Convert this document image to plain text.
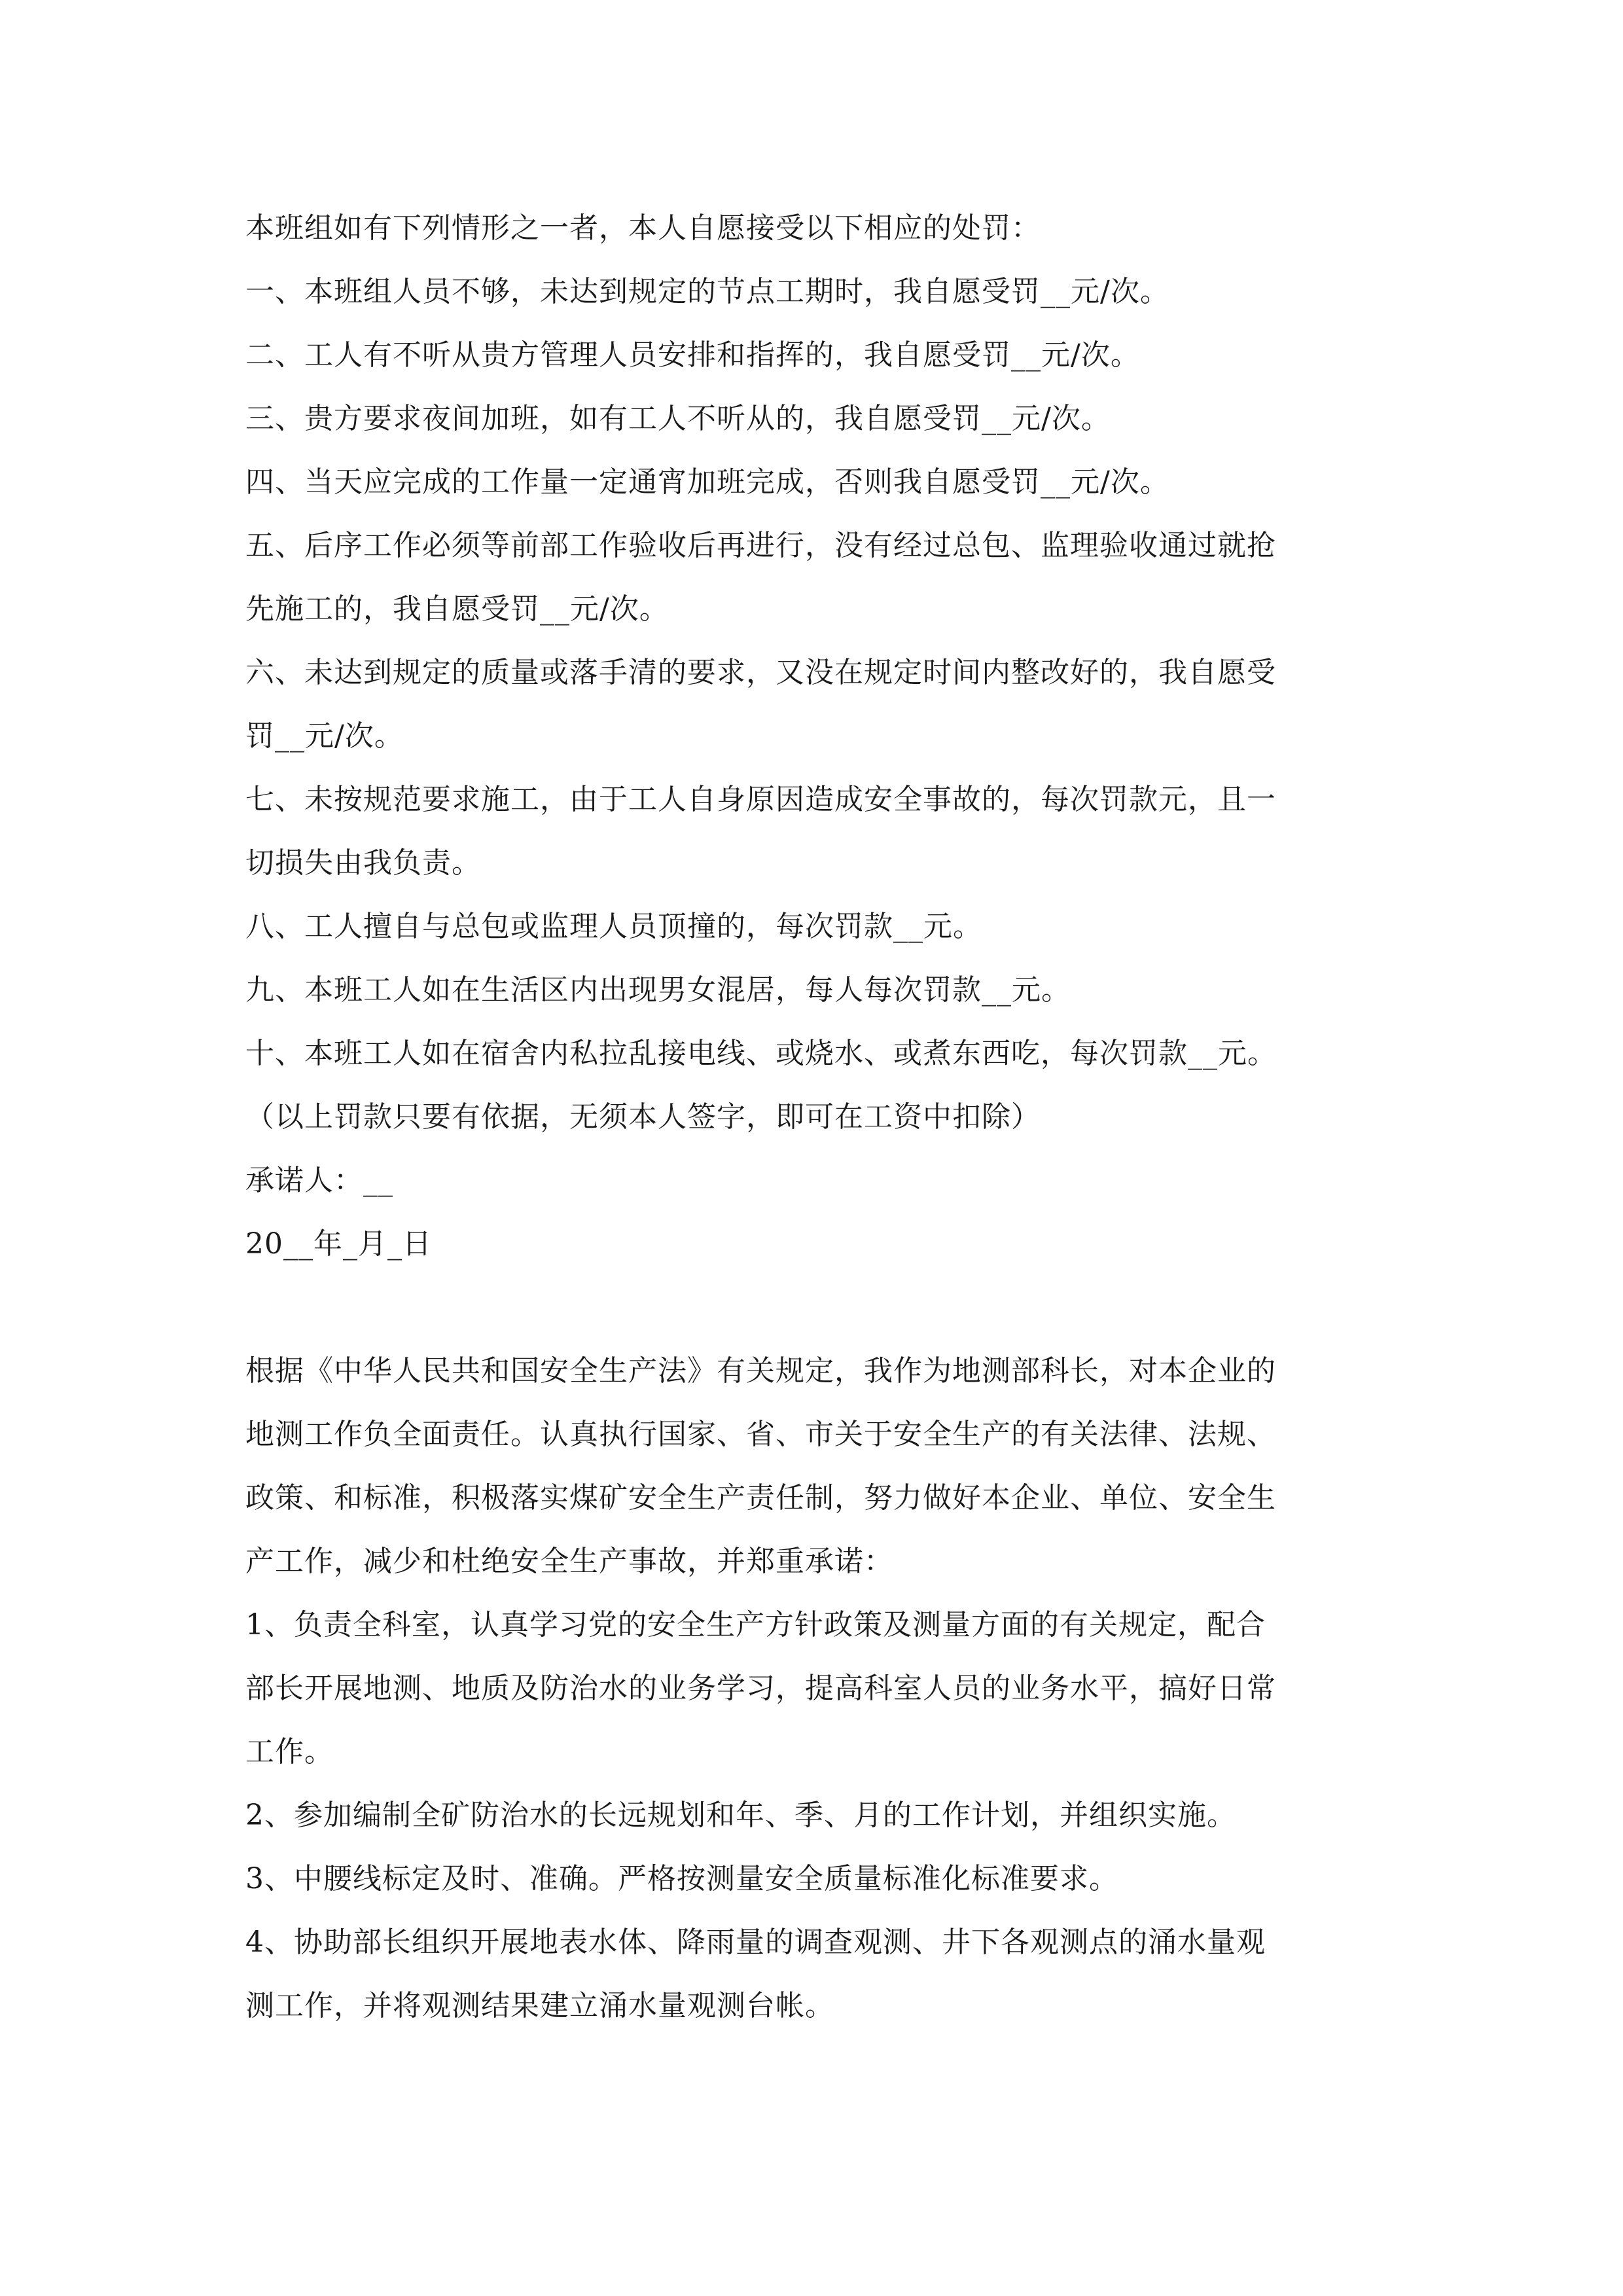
本班组如有下列情形之一者，本人自愿接受以下相应的处罚：
一、本班组人员不够，未达到规定的节点工期时，我自愿受罚__元/次。
二、工人有不听从贵方管理人员安排和指挥的，我自愿受罚__元/次。
三、贵方要求夜间加班，如有工人不听从的，我自愿受罚__元/次。
四、当天应完成的工作量一定通宵加班完成，否则我自愿受罚__元/次。
五、后序工作必须等前部工作验收后再进行，没有经过总包、监理验收通过就抢
先施工的，我自愿受罚__元/次。
六、未达到规定的质量或落手清的要求，又没在规定时间内整改好的，我自愿受
罚__元/次。
七、未按规范要求施工，由于工人自身原因造成安全事故的，每次罚款元，且一
切损失由我负责。
八、工人擅自与总包或监理人员顶撞的，每次罚款__元。
九、本班工人如在生活区内出现男女混居，每人每次罚款__元。
十、本班工人如在宿舍内私拉乱接电线、或烧水、或煮东西吃，每次罚款__元。
（以上罚款只要有依据，无须本人签字，即可在工资中扣除）
承诺人：__
20__年_月_日
根据《中华人民共和国安全生产法》有关规定，我作为地测部科长，对本企业的
地测工作负全面责任。认真执行国家、省、市关于安全生产的有关法律、法规、
政策、和标准，积极落实煤矿安全生产责任制，努力做好本企业、单位、安全生
产工作，减少和杜绝安全生产事故，并郑重承诺：
1、负责全科室，认真学习党的安全生产方针政策及测量方面的有关规定，配合
部长开展地测、地质及防治水的业务学习，提高科室人员的业务水平，搞好日常
工作。
2、参加编制全矿防治水的长远规划和年、季、月的工作计划，并组织实施。
3、中腰线标定及时、准确。严格按测量安全质量标准化标准要求。
4、协助部长组织开展地表水体、降雨量的调查观测、井下各观测点的涌水量观
测工作，并将观测结果建立涌水量观测台帐。
